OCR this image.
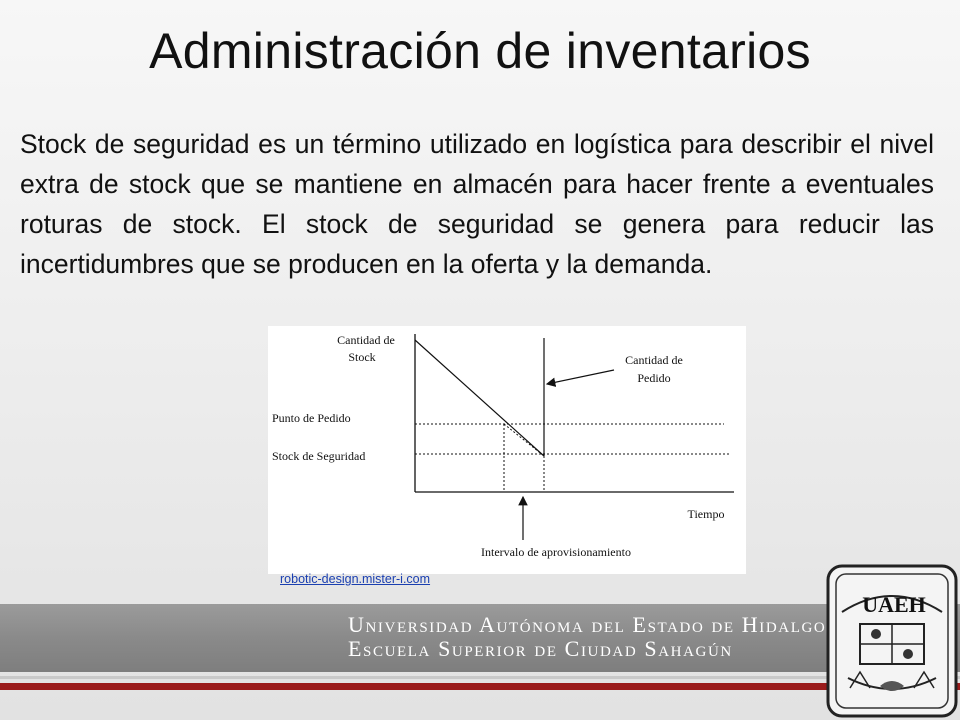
Administración de inventarios
Stock de seguridad es un término utilizado en logística para describir el nivel extra de stock que se mantiene en almacén para hacer frente a eventuales roturas de stock. El stock de seguridad se genera para reducir las incertidumbres que se producen en la oferta y la demanda.
Cantidad de
Stock	Cantidad de
Pedido
Punto de Pedido
Stock de Seguridad
Tiempo
Intervalo de aprovisionamiento
robotic-design.mister-i.com
Universidad Autónoma del Estado de Hidalgo
Escuela Superior de Ciudad Sahagún
UAEH
